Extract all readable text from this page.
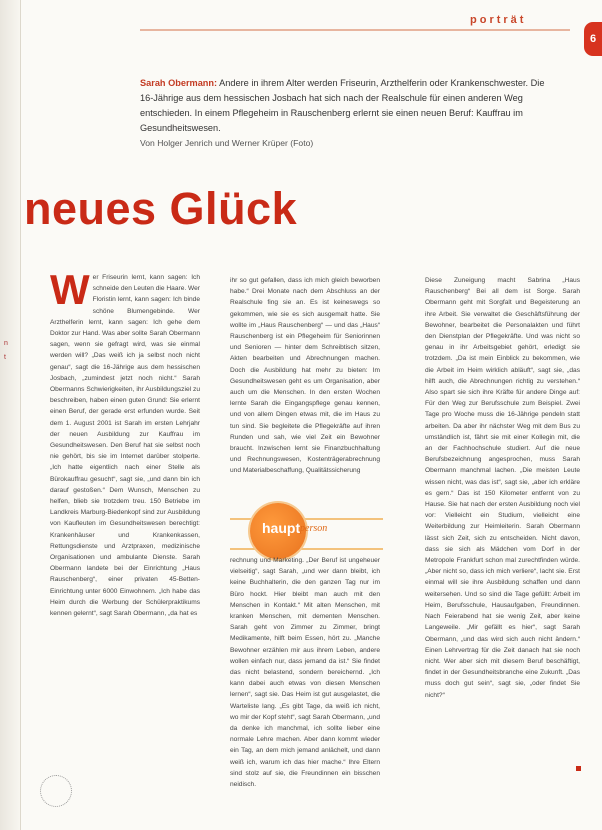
porträt
6
Sarah Obermann: Andere in ihrem Alter werden Friseurin, Arzthelferin oder Krankenschwester. Die 16-Jährige aus dem hessischen Josbach hat sich nach der Realschule für einen anderen Weg entschieden. In einem Pflegeheim in Rauschenberg erlernt sie einen neuen Beruf: Kauffrau im Gesundheitswesen.
Von Holger Jenrich und Werner Krüper (Foto)
n
t
neues Glück
W er Friseurin lernt, kann sagen: Ich schneide den Leuten die Haare. Wer Floristin lernt, kann sagen: Ich binde schöne Blumengebinde. Wer Arzthelferin lernt, kann sagen: Ich gehe dem Doktor zur Hand. Was aber sollte Sarah Obermann sagen, wenn sie gefragt wird, was sie einmal werden will? „Das weiß ich ja selbst noch nicht genau“, sagt die 16-Jährige aus dem hessischen Josbach, „zumindest jetzt noch nicht.“ Sarah Obermanns Schwierigkeiten, ihr Ausbildungsziel zu beschreiben, haben einen guten Grund: Sie erlernt einen Beruf, der gerade erst erfunden wurde. Seit dem 1. August 2001 ist Sarah im ersten Lehrjahr der neuen Ausbildung zur Kauffrau im Gesundheitswesen. Den Beruf hat sie selbst noch nie gehört, bis sie im Internet darüber stolperte. „Ich hatte eigentlich nach einer Stelle als Bürokauffrau gesucht“, sagt sie, „und dann bin ich darauf gestoßen.“ Dem Wunsch, Menschen zu helfen, blieb sie trotzdem treu. 150 Betriebe im Landkreis Marburg-Biedenkopf sind zur Ausbildung von Kaufleuten im Gesundheitswesen berechtigt: Krankenhäuser und Krankenkassen, Rettungsdienste und Arztpraxen, medizinische Organisationen und ambulante Dienste. Sarah Obermann landete bei der Einrichtung „Haus Rauschenberg“, einer privaten 45-Betten-Einrichtung unter 6000 Einwohnern. „Ich habe das Heim durch die Werbung der Schülerpraktikums kennen gelernt“, sagt Sarah Obermann, „da hat es
ihr so gut gefallen, dass ich mich gleich beworben habe.“ Drei Monate nach dem Abschluss an der Realschule fing sie an. Es ist keineswegs so gekommen, wie sie es sich ausgemalt hatte. Sie wollte im „Haus Rauschenberg“ — und das „Haus“ Rauschenberg ist ein Pflegeheim für Seniorinnen und Senioren — hinter dem Schreibtisch sitzen, Akten bearbeiten und Abrechnungen machen. Doch die Ausbildung hat mehr zu bieten: Im Gesundheitswesen geht es um Organisation, aber auch um die Menschen. In den ersten Wochen lernte Sarah die Eingangspflege genau kennen, und von allem Dingen etwas mit, die im Haus zu tun sind. Sie begleitete die Pflegekräfte auf ihren Runden und sah, wie viel Zeit ein Bewohner braucht. Inzwischen lernt sie Finanzbuchhaltung und Rechnungswesen, Kostenträgerabrechnung und Materialbeschaffung, Qualitätssicherung
haupt person
rechnung und Marketing. „Der Beruf ist ungeheuer vielseitig“, sagt Sarah, „und wer dann bleibt, ich keine Buchhalterin, die den ganzen Tag nur im Büro hockt. Hier bleibt man auch mit den Menschen in Kontakt.“ Mit alten Menschen, mit kranken Menschen, mit dementen Menschen. Sarah geht von Zimmer zu Zimmer, bringt Medikamente, hilft beim Essen, hört zu. „Manche Bewohner erzählen mir aus ihrem Leben, andere wollen einfach nur, dass jemand da ist.“ Sie findet das nicht belastend, sondern bereichernd. „Ich kann dabei auch etwas von diesen Menschen lernen“, sagt sie. Das Heim ist gut ausgelastet, die Warteliste lang. „Es gibt Tage, da weiß ich nicht, wo mir der Kopf steht“, sagt Sarah Obermann, „und da denke ich manchmal, ich sollte lieber eine normale Lehre machen. Aber dann kommt wieder ein Tag, an dem mich jemand anlächelt, und dann weiß ich, warum ich das hier mache.“ Ihre Eltern sind stolz auf sie, die Freundinnen ein bisschen neidisch.
Diese Zuneigung macht Sabrina „Haus Rauschenberg“ Bei all dem ist Sorge. Sarah Obermann geht mit Sorgfalt und Begeisterung an ihre Arbeit. Sie verwaltet die Geschäftsführung der Bewohner, bearbeitet die Personalakten und führt den Dienstplan der Pflegekräfte. Und was nicht so genau in ihr Arbeitsgebiet gehört, erledigt sie trotzdem. „Da ist mein Einblick zu bekommen, wie die Arbeit im Heim wirklich abläuft“, sagt sie, „das hilft auch, die Abrechnungen richtig zu verstehen.“ Also spart sie sich ihre Kräfte für andere Dinge auf: Für den Weg zur Berufsschule zum Beispiel. Zwei Tage pro Woche muss die 16-Jährige pendeln statt arbeiten. Da aber ihr nächster Weg mit dem Bus zu umständlich ist, fährt sie mit einer Kollegin mit, die an der Fachhochschule studiert. Auf die neue Berufsbezeichnung angesprochen, muss Sarah Obermann manchmal lachen. „Die meisten Leute wissen nicht, was das ist“, sagt sie, „aber ich erkläre es gern.“ Das ist 150 Kilometer entfernt von zu Hause. Sie hat nach der ersten Ausbildung noch viel vor: Vielleicht ein Studium, vielleicht eine Weiterbildung zur Heimleiterin. Sarah Obermann lässt sich Zeit, sich zu entscheiden. Nicht davon, dass sie sich als Mädchen vom Dorf in der Metropole Frankfurt schon mal zurechtfinden würde. „Aber nicht so, dass ich mich verliere“, lacht sie. Erst einmal will sie ihre Ausbildung schaffen und dann weitersehen. Und so sind die Tage gefüllt: Arbeit im Heim, Berufsschule, Hausaufgaben, Freundinnen. Nach Feierabend hat sie wenig Zeit, aber keine Langeweile. „Mir gefällt es hier“, sagt Sarah Obermann, „und das wird sich auch nicht ändern.“ Einen Lehrvertrag für die Zeit danach hat sie noch nicht. Wer aber sich mit diesem Beruf beschäftigt, findet in der Gesundheitsbranche eine Zukunft. „Das muss doch gut sein“, sagt sie, „oder findet Sie nicht?“
